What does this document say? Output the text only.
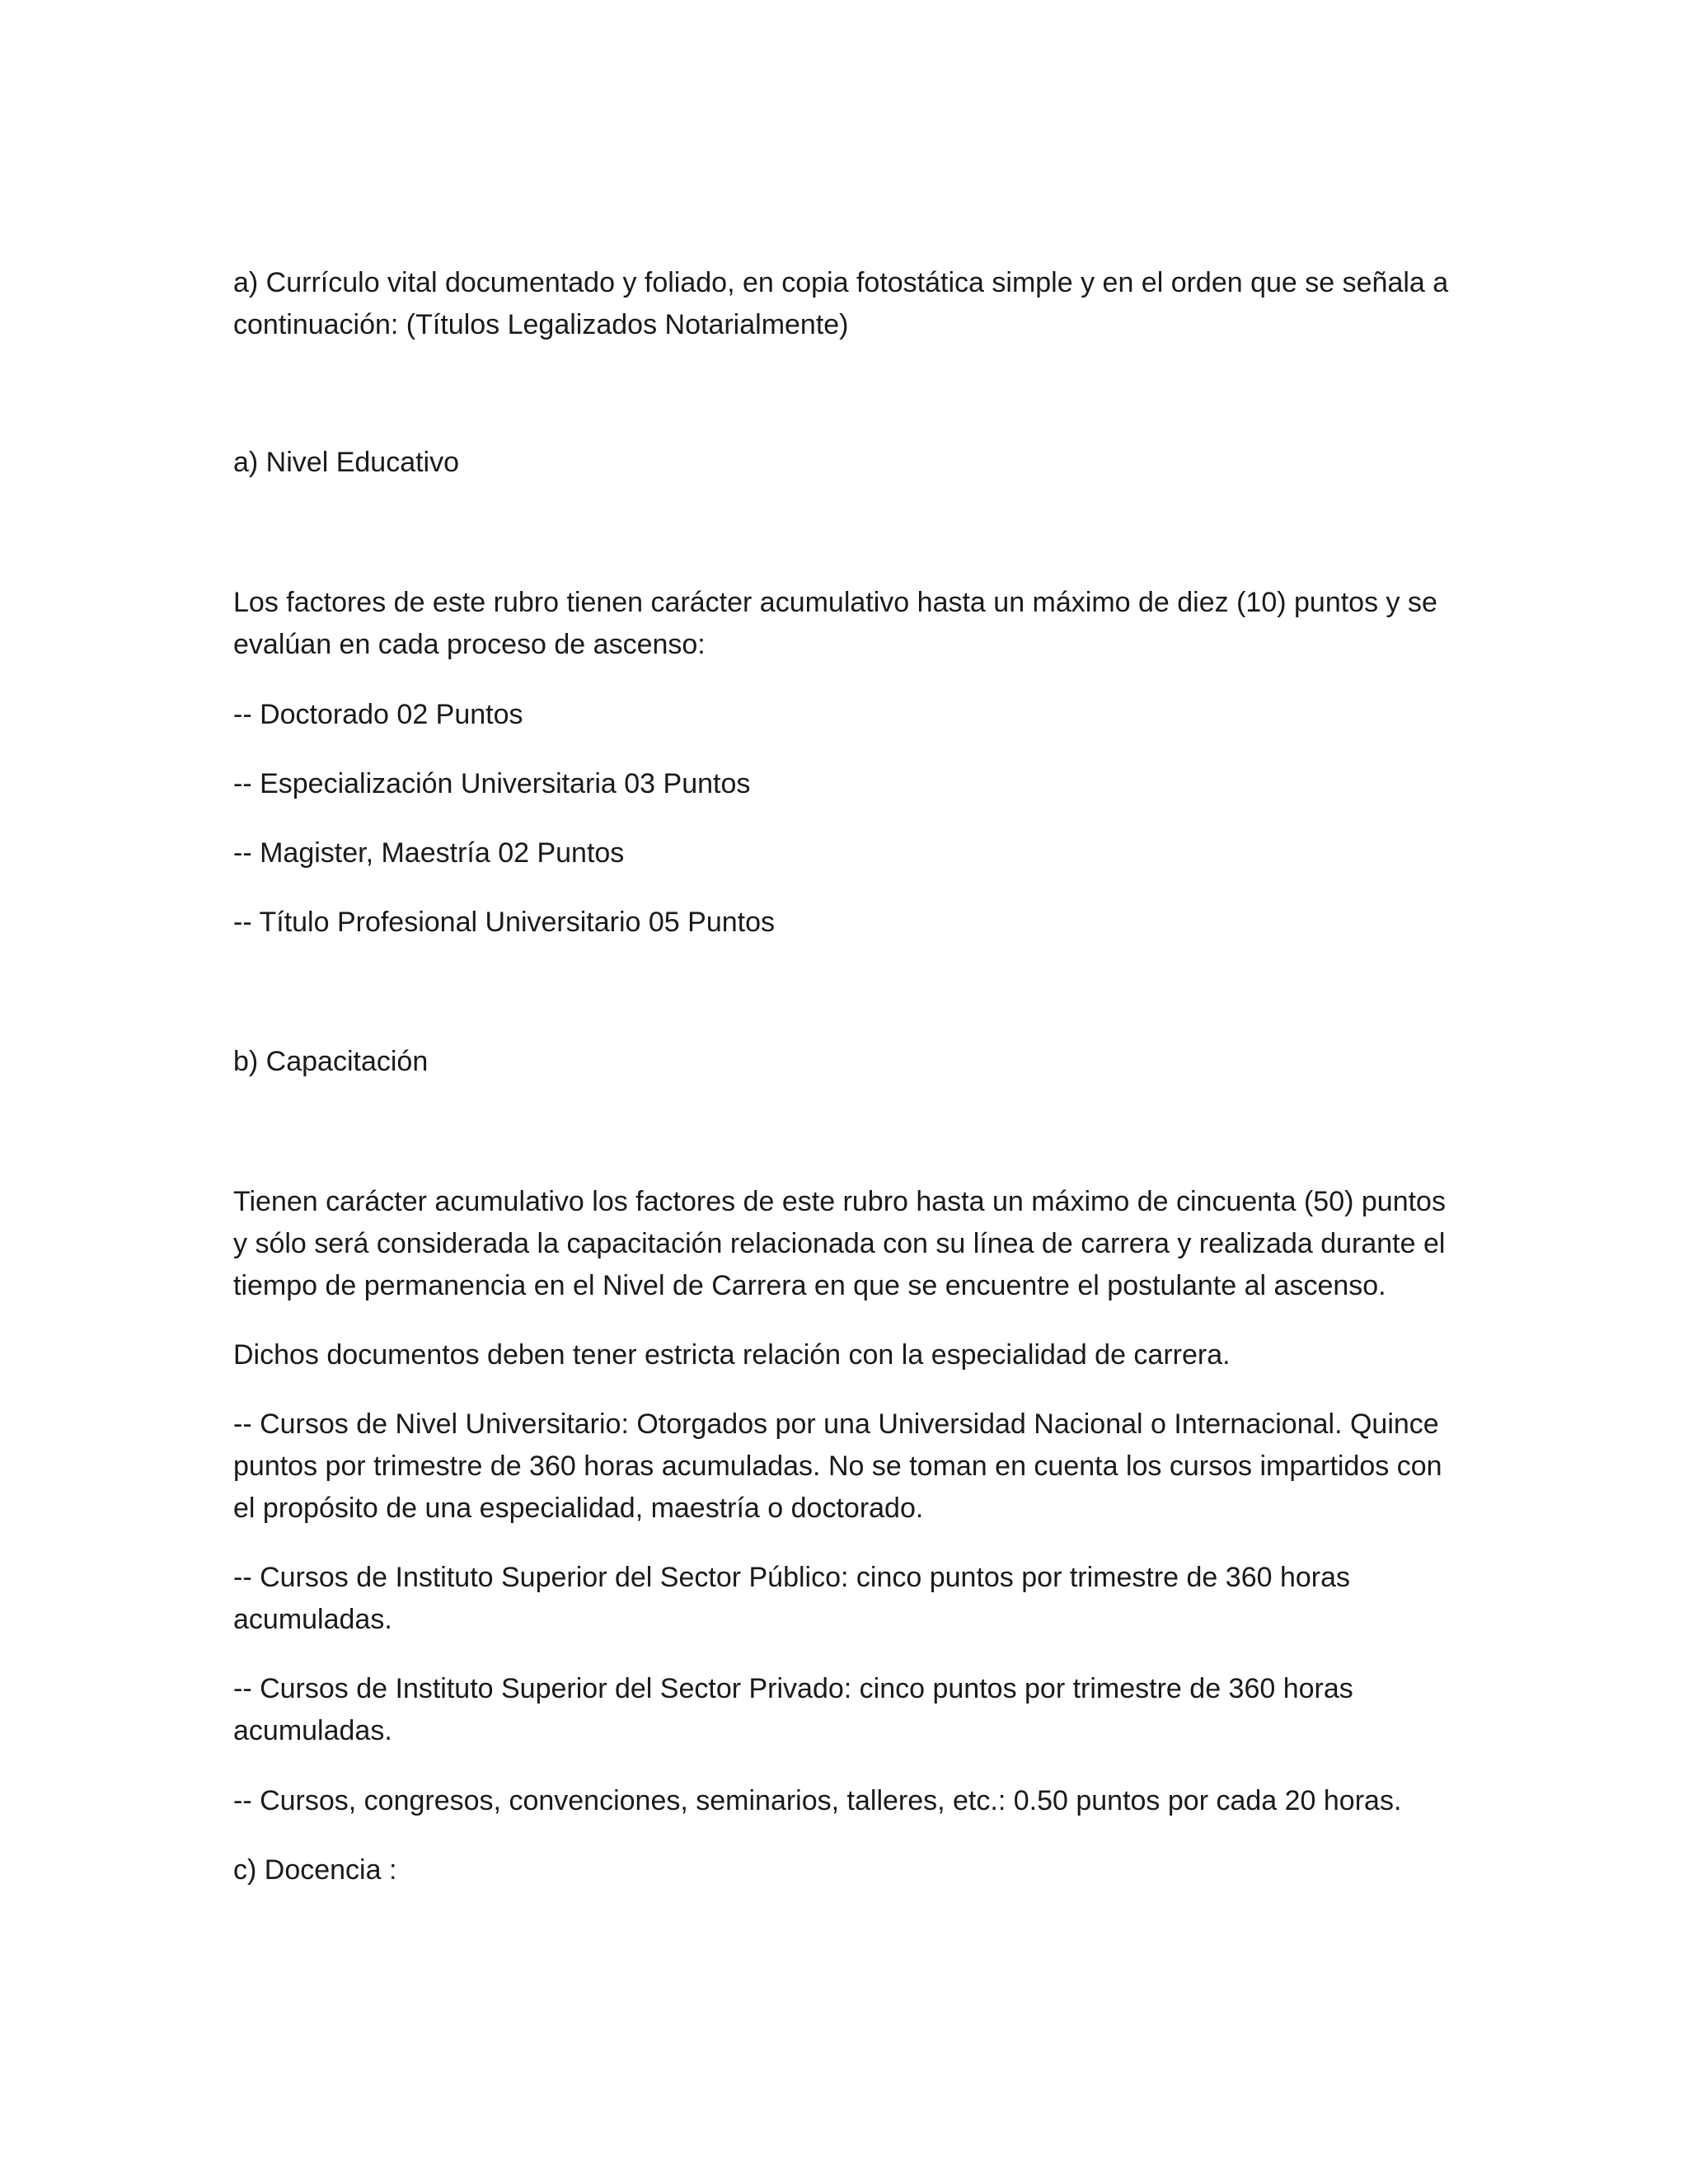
a) Currículo vital documentado y foliado, en copia fotostática simple y en el orden que se señala a continuación: (Títulos Legalizados Notarialmente)

a) Nivel Educativo

Los factores de este rubro tienen carácter acumulativo hasta un máximo de diez (10) puntos y se evalúan en cada proceso de ascenso:

-- Doctorado 02 Puntos

-- Especialización Universitaria 03 Puntos

-- Magister, Maestría 02 Puntos

-- Título Profesional Universitario 05 Puntos

b) Capacitación

Tienen carácter acumulativo los factores de este rubro hasta un máximo de cincuenta (50) puntos y sólo será considerada la capacitación relacionada con su línea de carrera y realizada durante el tiempo de permanencia en el Nivel de Carrera en que se encuentre el postulante al ascenso.

Dichos documentos deben tener estricta relación con la especialidad de carrera.

-- Cursos de Nivel Universitario: Otorgados por una Universidad Nacional o Internacional. Quince puntos por trimestre de 360 horas acumuladas. No se toman en cuenta los cursos impartidos con el propósito de una especialidad, maestría o doctorado.

-- Cursos de Instituto Superior del Sector Público: cinco puntos por trimestre de 360 horas acumuladas.

-- Cursos de Instituto Superior del Sector Privado: cinco puntos por trimestre de 360 horas acumuladas.

-- Cursos, congresos, convenciones, seminarios, talleres, etc.: 0.50 puntos por cada 20 horas.

c) Docencia :
